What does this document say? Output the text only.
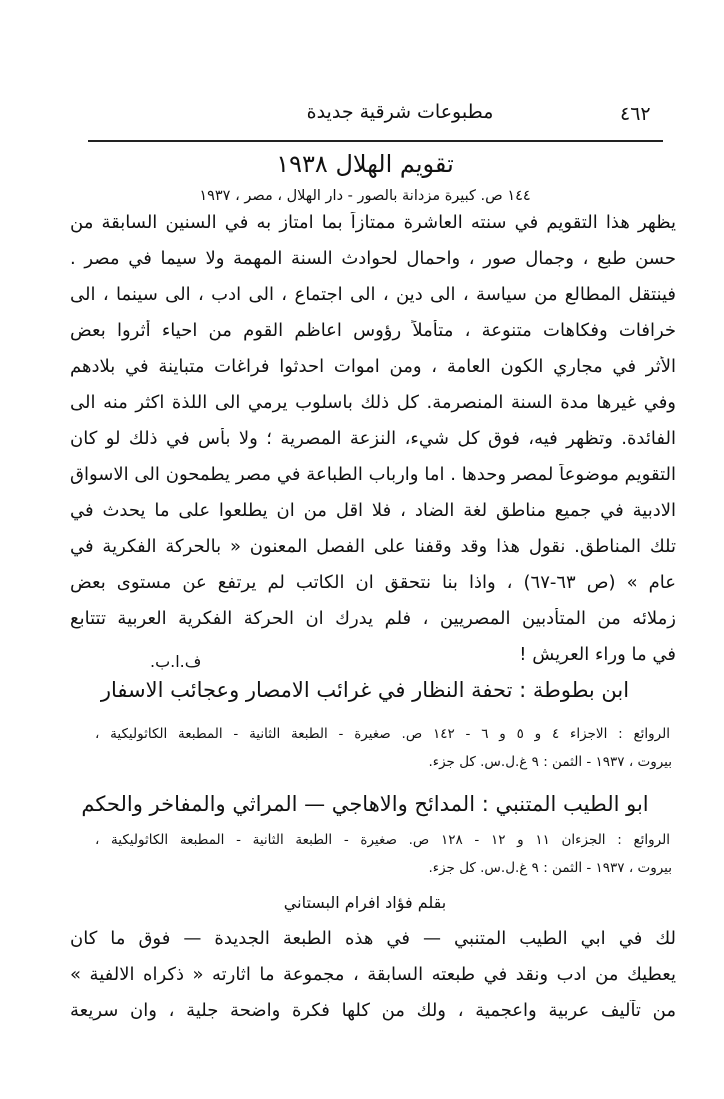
٤٦٢
مطبوعات شرقية جديدة
تقويم الهلال ١٩٣٨
١٤٤ ص. كبيرة مزدانة بالصور - دار الهلال ، مصر ، ١٩٣٧
يظهر هذا التقويم في سنته العاشرة ممتازاً بما امتاز به في السنين السابقة من
حسن طبع ، وجمال صور ، واحمال لحوادث السنة المهمة ولا سيما في مصر .
فينتقل المطالع من سياسة ، الى دين ، الى اجتماع ، الى ادب ، الى سينما ، الى
خرافات وفكاهات متنوعة ، متأملاً رؤوس اعاظم القوم من احياء أثروا بعض
الأثر في مجاري الكون العامة ، ومن اموات احدثوا فراغات متباينة في بلادهم
وفي غيرها مدة السنة المنصرمة. كل ذلك باسلوب يرمي الى اللذة اكثر منه الى
الفائدة. وتظهر فيه، فوق كل شيء، النزعة المصرية ؛ ولا بأس في ذلك لو كان
التقويم موضوعاً لمصر وحدها . اما وارباب الطباعة في مصر يطمحون الى الاسواق
الادبية في جميع مناطق لغة الضاد ، فلا اقل من ان يطلعوا على ما يحدث في
تلك المناطق. نقول هذا وقد وقفنا على الفصل المعنون « بالحركة الفكرية في
عام » (ص ٦٣-٦٧) ، واذا بنا نتحقق ان الكاتب لم يرتفع عن مستوى بعض
زملائه من المتأدبين المصريين ، فلم يدرك ان الحركة الفكرية العربية تتتابع
في ما وراء العريش !
ف.ا.ب.
ابن بطوطة : تحفة النظار في غرائب الامصار وعجائب الاسفار
الروائع : الاجزاء ٤ و ٥ و ٦ - ١٤٢ ص. صغيرة - الطبعة الثانية - المطبعة الكاثوليكية ،
بيروت ، ١٩٣٧ - الثمن : ٩ غ.ل.س. كل جزء.
ابو الطيب المتنبي : المدائح والاهاجي — المراثي والمفاخر والحكم
الروائع : الجزءان ١١ و ١٢ - ١٢٨ ص. صغيرة - الطبعة الثانية - المطبعة الكاثوليكية ،
بيروت ، ١٩٣٧ - الثمن : ٩ غ.ل.س. كل جزء.
بقلم فؤاد افرام البستاني
لك في ابي الطيب المتنبي — في هذه الطبعة الجديدة — فوق ما كان
يعطيك من ادب ونقد في طبعته السابقة ، مجموعة ما اثارته « ذكراه الالفية »
من تآليف عربية واعجمية ، ولك من كلها فكرة واضحة جلية ، وان سريعة
